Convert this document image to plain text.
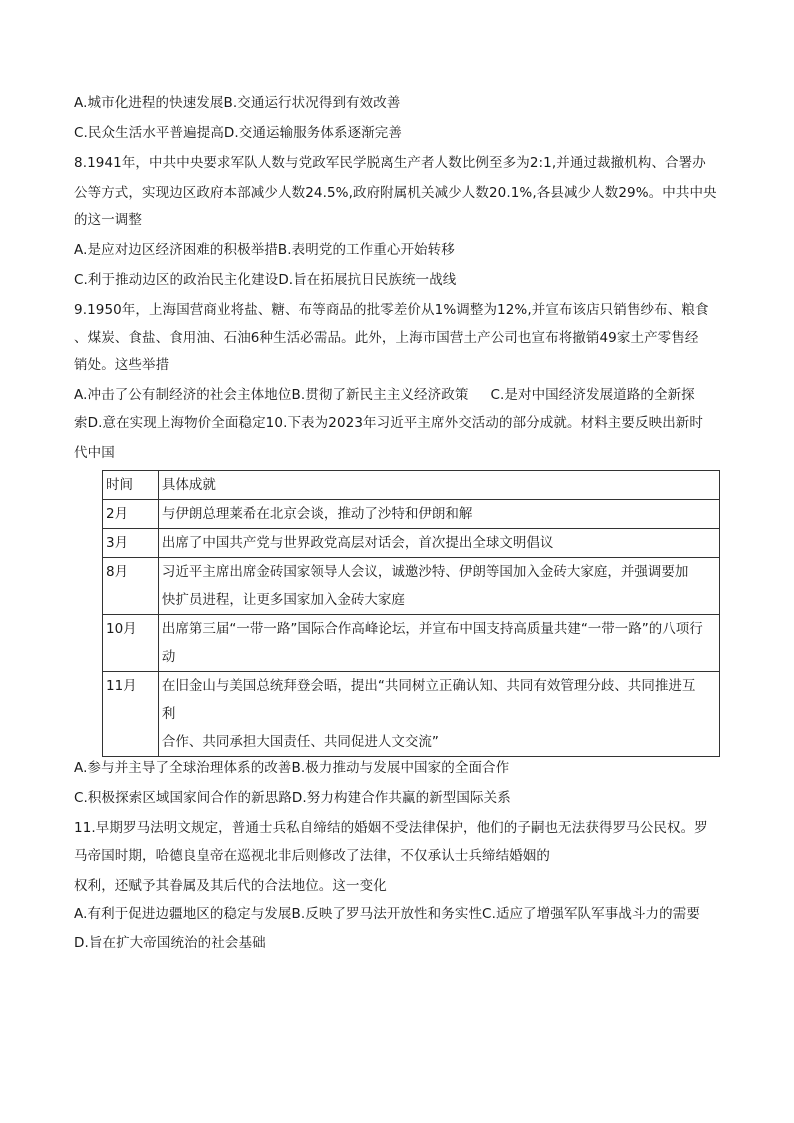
A.城市化进程的快速发展B.交通运行状况得到有效改善
C.民众生活水平普遍提高D.交通运输服务体系逐渐完善
8.1941年，中共中央要求军队人数与党政军民学脱离生产者人数比例至多为2:1,并通过裁撤机构、合署办
公等方式，实现边区政府本部减少人数24.5%,政府附属机关减少人数20.1%,各县减少人数29%。中共中央
的这一调整
A.是应对边区经济困难的积极举措B.表明党的工作重心开始转移
C.利于推动边区的政治民主化建设D.旨在拓展抗日民族统一战线
9.1950年，上海国营商业将盐、糖、布等商品的批零差价从1%调整为12%,并宣布该店只销售纱布、粮食
、煤炭、食盐、食用油、石油6种生活必需品。此外，上海市国营土产公司也宣布将撤销49家土产零售经
销处。这些举措
A.冲击了公有制经济的社会主体地位B.贯彻了新民主主义经济政策 C.是对中国经济发展道路的全新探
索D.意在实现上海物价全面稳定10.下表为2023年习近平主席外交活动的部分成就。材料主要反映出新时
代中国
时间	具体成就
2月	与伊朗总理莱希在北京会谈，推动了沙特和伊朗和解

3月	出席了中国共产党与世界政党高层对话会，首次提出全球文明倡议

8月	习近平主席出席金砖国家领导人会议，诚邀沙特、伊朗等国加入金砖大家庭，并强调要加
快扩员进程，让更多国家加入金砖大家庭

10月	出席第三届“一带一路”国际合作高峰论坛，并宣布中国支持高质量共建“一带一路”的八项行
动

11月	在旧金山与美国总统拜登会晤，提出“共同树立正确认知、共同有效管理分歧、共同推进互
利
合作、共同承担大国责任、共同促进人文交流”
A.参与并主导了全球治理体系的改善B.极力推动与发展中国家的全面合作
C.积极探索区域国家间合作的新思路D.努力构建合作共赢的新型国际关系
11.早期罗马法明文规定，普通士兵私自缔结的婚姻不受法律保护，他们的子嗣也无法获得罗马公民权。罗
马帝国时期，哈德良皇帝在巡视北非后则修改了法律，不仅承认士兵缔结婚姻的
权利，还赋予其眷属及其后代的合法地位。这一变化
A.有利于促进边疆地区的稳定与发展B.反映了罗马法开放性和务实性C.适应了增强军队军事战斗力的需要
D.旨在扩大帝国统治的社会基础
